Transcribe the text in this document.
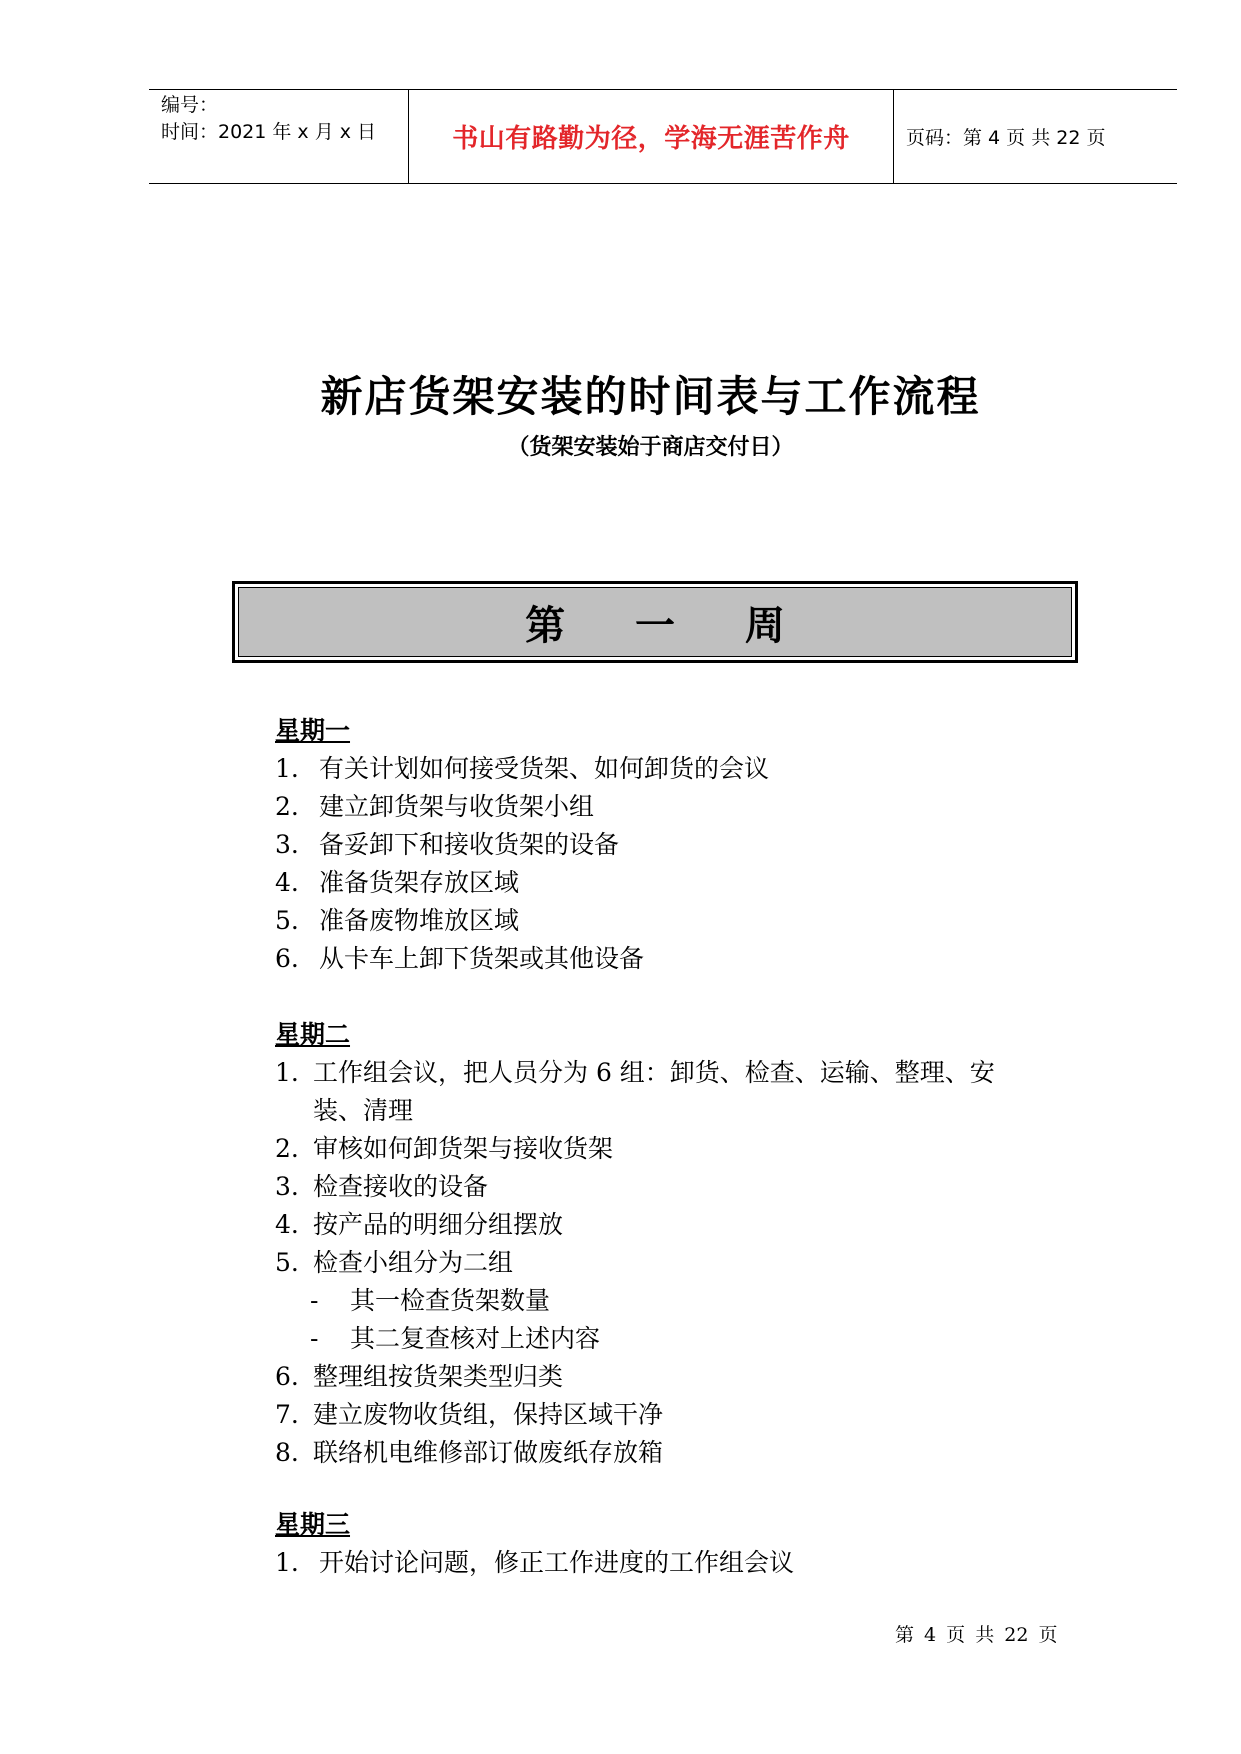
编号：
时间：2021 年 x 月 x 日	书山有路勤为径，学海无涯苦作舟	页码：第 4 页 共 22 页
新店货架安装的时间表与工作流程
（货架安装始于商店交付日）
第 一 周
星期一
1. 有关计划如何接受货架、如何卸货的会议
2. 建立卸货架与收货架小组
3. 备妥卸下和接收货架的设备
4. 准备货架存放区域
5. 准备废物堆放区域
6. 从卡车上卸下货架或其他设备
星期二
1. 工作组会议，把人员分为 6 组：卸货、检查、运输、整理、安
装、清理
2. 审核如何卸货架与接收货架
3. 检查接收的设备
4. 按产品的明细分组摆放
5. 检查小组分为二组
- 其一检查货架数量
- 其二复查核对上述内容
6. 整理组按货架类型归类
7. 建立废物收货组，保持区域干净
8. 联络机电维修部订做废纸存放箱
星期三
1. 开始讨论问题，修正工作进度的工作组会议
第 4 页 共 22 页
